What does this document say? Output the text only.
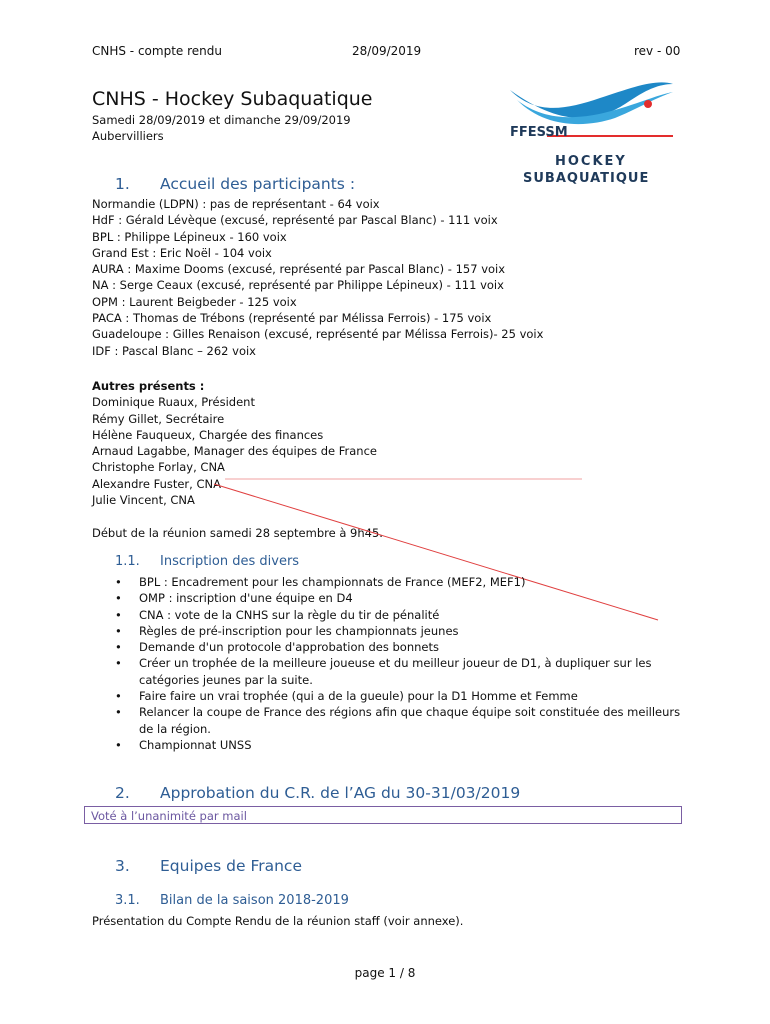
CNHS - compte rendu	28/09/2019	rev - 00
CNHS - Hockey Subaquatique
Samedi 28/09/2019 et dimanche 29/09/2019
Aubervilliers	FFESSM
HOCKEY
SUBAQUATIQUE
1. Accueil des participants :
Normandie (LDPN) : pas de représentant - 64 voix
HdF : Gérald Lévèque (excusé, représenté par Pascal Blanc) - 111 voix
BPL : Philippe Lépineux - 160 voix
Grand Est : Eric Noël - 104 voix
AURA : Maxime Dooms (excusé, représenté par Pascal Blanc) - 157 voix
NA : Serge Ceaux (excusé, représenté par Philippe Lépineux) - 111 voix
OPM : Laurent Beigbeder - 125 voix
PACA : Thomas de Trébons (représenté par Mélissa Ferrois) - 175 voix
Guadeloupe : Gilles Renaison (excusé, représenté par Mélissa Ferrois)- 25 voix
IDF : Pascal Blanc – 262 voix
Autres présents :
Dominique Ruaux, Président
Rémy Gillet, Secrétaire
Hélène Fauqueux, Chargée des finances
Arnaud Lagabbe, Manager des équipes de France
Christophe Forlay, CNA
Alexandre Fuster, CNA
Julie Vincent, CNA
Début de la réunion samedi 28 septembre à 9h45.
1.1. Inscription des divers
• BPL : Encadrement pour les championnats de France (MEF2, MEF1)
• OMP : inscription d'une équipe en D4
• CNA : vote de la CNHS sur la règle du tir de pénalité
• Règles de pré-inscription pour les championnats jeunes
• Demande d'un protocole d'approbation des bonnets
• Créer un trophée de la meilleure joueuse et du meilleur joueur de D1, à dupliquer sur les catégories jeunes par la suite.
• Faire faire un vrai trophée (qui a de la gueule) pour la D1 Homme et Femme
• Relancer la coupe de France des régions afin que chaque équipe soit constituée des meilleurs de la région.
• Championnat UNSS
2. Approbation du C.R. de l’AG du 30-31/03/2019
Voté à l’unanimité par mail
3. Equipes de France
3.1. Bilan de la saison 2018-2019
Présentation du Compte Rendu de la réunion staff (voir annexe).
page 1 / 8
